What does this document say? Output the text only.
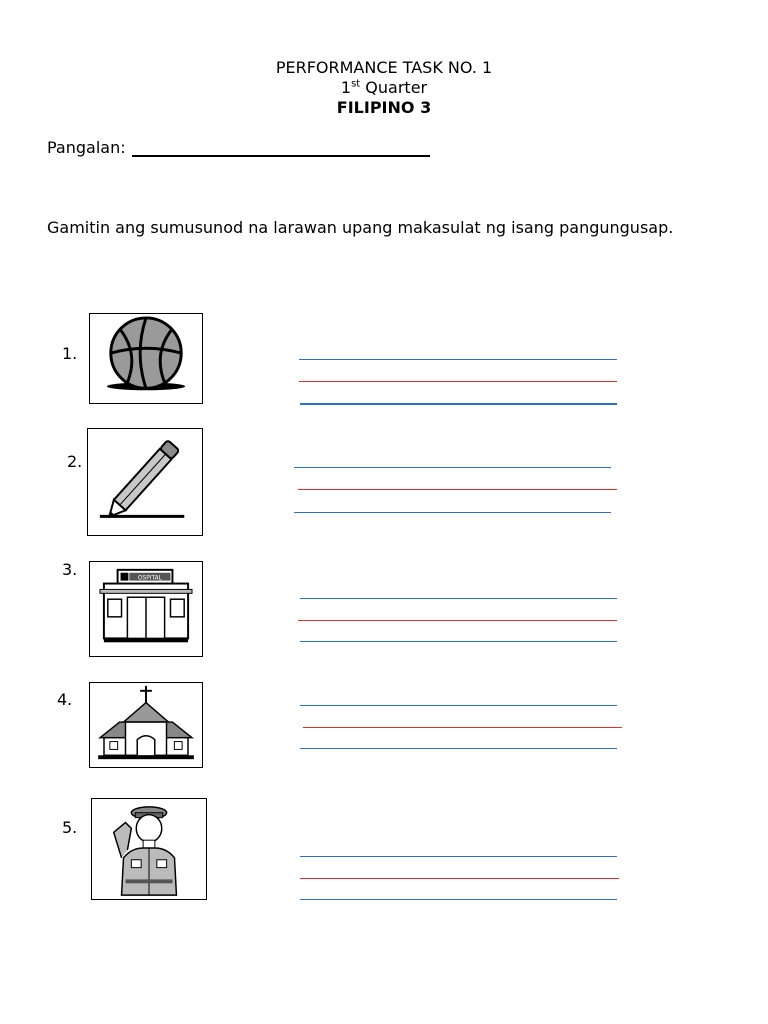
PERFORMANCE TASK NO. 1
1st Quarter
FILIPINO 3
Pangalan:
Gamitin ang sumusunod na larawan upang makasulat ng isang pangungusap.
1.
2.
3.	OSPITAL
4.
5.
